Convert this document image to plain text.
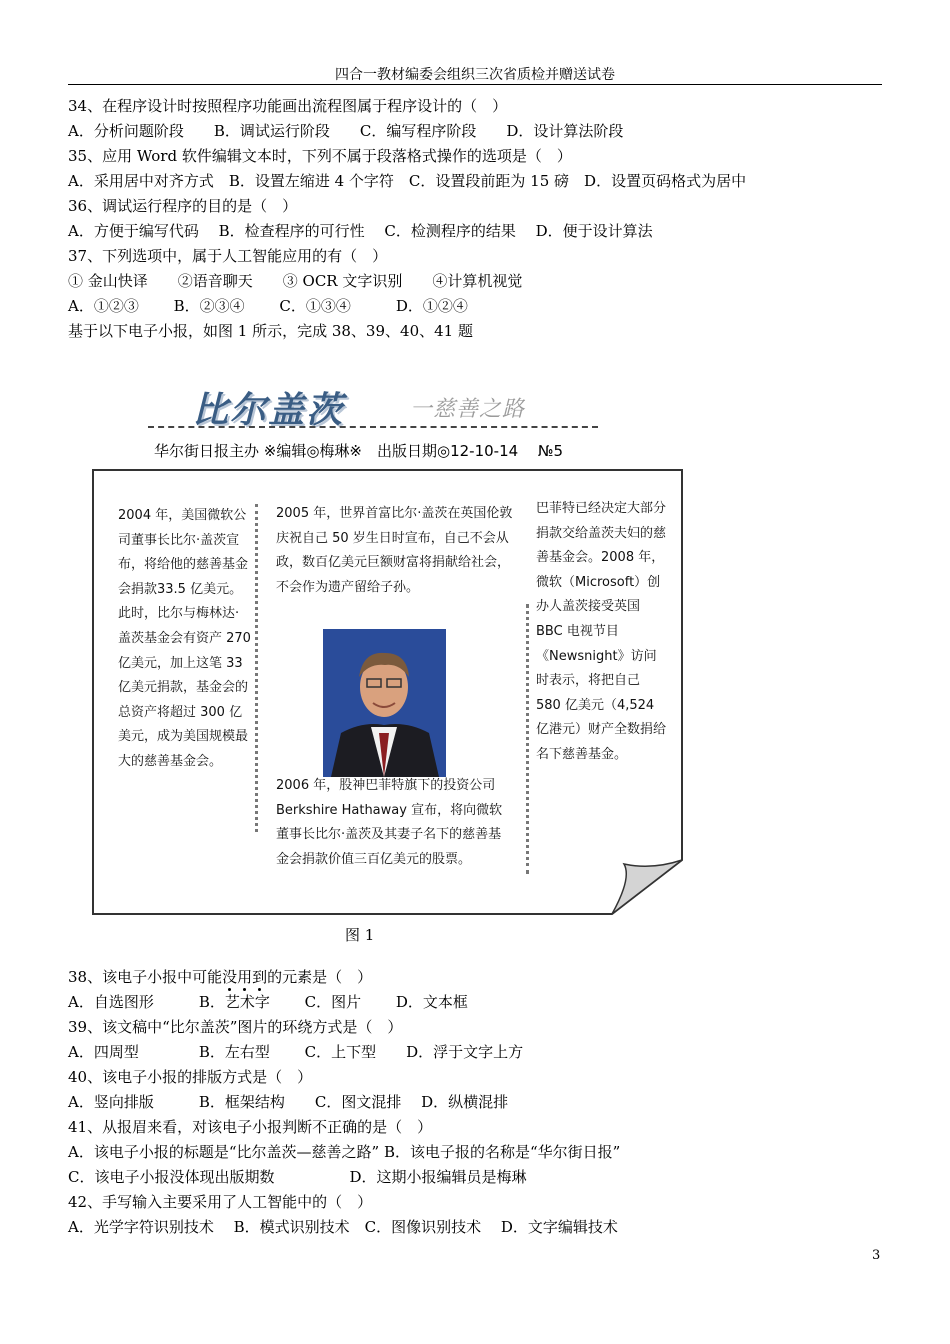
四合一教材编委会组织三次省质检并赠送试卷
34、在程序设计时按照程序功能画出流程图属于程序设计的（　）
A．分析问题阶段　　B．调试运行阶段　　C．编写程序阶段　　D．设计算法阶段
35、应用 Word 软件编辑文本时，下列不属于段落格式操作的选项是（　）
A．采用居中对齐方式　B．设置左缩进 4 个字符　C．设置段前距为 15 磅　D．设置页码格式为居中
36、调试运行程序的目的是（　）
A．方便于编写代码　 B．检查程序的可行性　 C．检测程序的结果　 D．便于设计算法
37、下列选项中，属于人工智能应用的有（　）
① 金山快译　　②语音聊天　　③ OCR 文字识别　　④计算机视觉
A．①②③　　 B．②③④　　 C．①③④　　　D．①②④
基于以下电子小报，如图 1 所示，完成 38、39、40、41 题
比尔盖茨	一慈善之路
华尔街日报主办 ※编辑◎梅琳※　出版日期◎12-10-14　 №5
2004 年，美国微软公司董事长比尔·盖茨宣布，将给他的慈善基金会捐款33.5 亿美元。此时，比尔与梅林达·盖茨基金会有资产 270 亿美元，加上这笔 33 亿美元捐款，基金会的总资产将超过 300 亿美元，成为美国规模最大的慈善基金会。
2005 年，世界首富比尔·盖茨在英国伦敦庆祝自己 50 岁生日时宣布，自己不会从政，数百亿美元巨额财富将捐献给社会，不会作为遗产留给子孙。
2006 年，股神巴菲特旗下的投资公司 Berkshire Hathaway 宣布，将向微软董事长比尔·盖茨及其妻子名下的慈善基金会捐款价值三百亿美元的股票。
巴菲特已经决定大部分捐款交给盖茨夫妇的慈善基金会。2008 年，微软（Microsoft）创办人盖茨接受英国 BBC 电视节目《Newsnight》访问时表示，将把自己 580 亿美元（4,524 亿港元）财产全数捐给名下慈善基金。
图 1
38、该电子小报中可能没用到的元素是（　）
A．自选图形　　　B．艺术字　　 C．图片　　 D．文本框
39、该文稿中“比尔盖茨”图片的环绕方式是（　）
A．四周型　　　　B．左右型　　 C．上下型　　D．浮于文字上方
40、该电子小报的排版方式是（　）
A．竖向排版　　　B．框架结构　　C．图文混排　 D．纵横混排
41、从报眉来看，对该电子小报判断不正确的是（　）
A．该电子小报的标题是“比尔盖茨—慈善之路” B．该电子报的名称是“华尔街日报”
C．该电子小报没体现出版期数　　　　　D．这期小报编辑员是梅琳
42、手写输入主要采用了人工智能中的（　）
A．光学字符识别技术　 B．模式识别技术　C．图像识别技术　 D．文字编辑技术
3
